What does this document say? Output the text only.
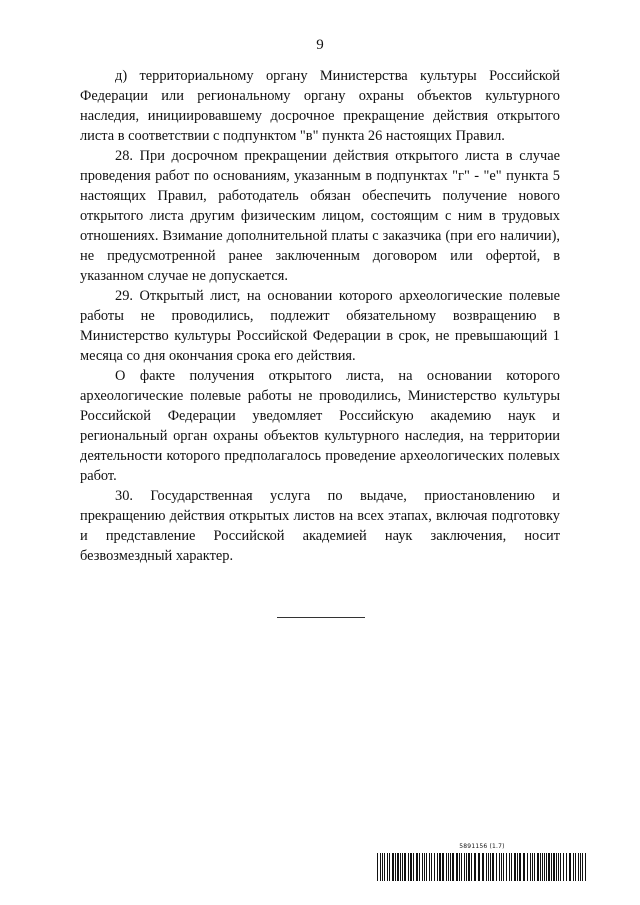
9

д) территориальному органу Министерства культуры Российской Федерации или региональному органу охраны объектов культурного наследия, инициировавшему досрочное прекращение действия открытого листа в соответствии с подпунктом "в" пункта 26 настоящих Правил.

28. При досрочном прекращении действия открытого листа в случае проведения работ по основаниям, указанным в подпунктах "г" - "е" пункта 5 настоящих Правил, работодатель обязан обеспечить получение нового открытого листа другим физическим лицом, состоящим с ним в трудовых отношениях. Взимание дополнительной платы с заказчика (при его наличии), не предусмотренной ранее заключенным договором или офертой, в указанном случае не допускается.

29. Открытый лист, на основании которого археологические полевые работы не проводились, подлежит обязательному возвращению в Министерство культуры Российской Федерации в срок, не превышающий 1 месяца со дня окончания срока его действия.

О факте получения открытого листа, на основании которого археологические полевые работы не проводились, Министерство культуры Российской Федерации уведомляет Российскую академию наук и региональный орган охраны объектов культурного наследия, на территории деятельности которого предполагалось проведение археологических полевых работ.

30. Государственная услуга по выдаче, приостановлению и прекращению действия открытых листов на всех этапах, включая подготовку и представление Российской академией наук заключения, носит безвозмездный характер.

5891156 (1.7)
